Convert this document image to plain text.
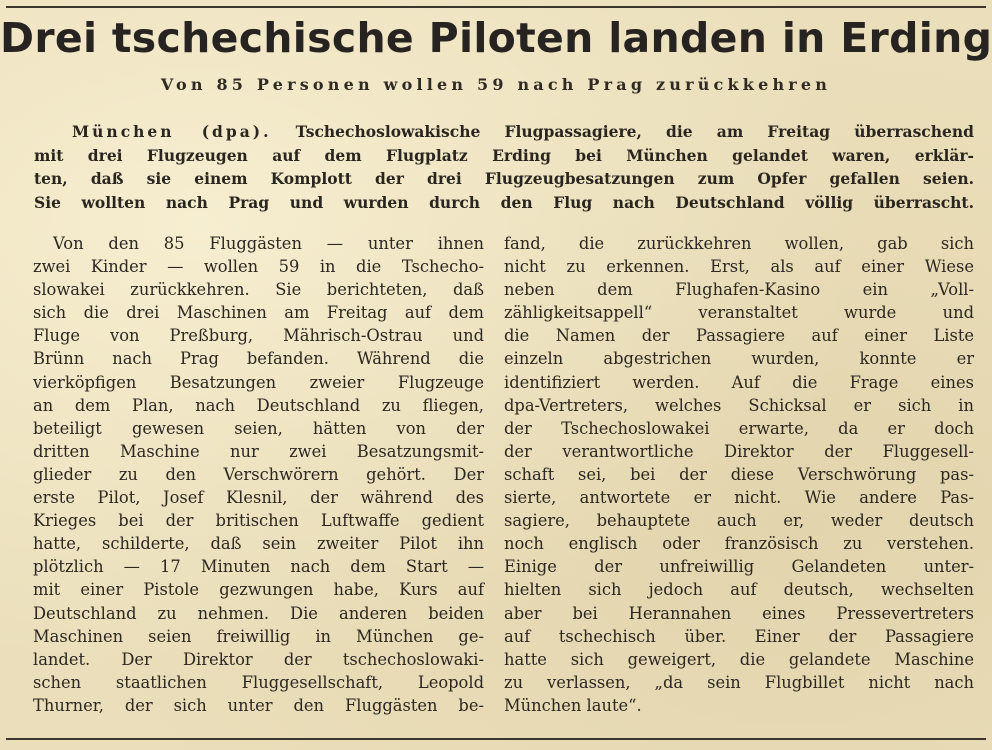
Drei tschechische Piloten landen in Erding
Von 85 Personen wollen 59 nach Prag zurückkehren
München (dpa). Tschechoslowakische Flugpassagiere, die am Freitag überraschend
mit drei Flugzeugen auf dem Flugplatz Erding bei München gelandet waren, erklär-
ten, daß sie einem Komplott der drei Flugzeugbesatzungen zum Opfer gefallen seien.
Sie wollten nach Prag und wurden durch den Flug nach Deutschland völlig überrascht.
Von den 85 Fluggästen — unter ihnen
zwei Kinder — wollen 59 in die Tschecho-
slowakei zurückkehren. Sie berichteten, daß
sich die drei Maschinen am Freitag auf dem
Fluge von Preßburg, Mährisch-Ostrau und
Brünn nach Prag befanden. Während die
vierköpfigen Besatzungen zweier Flugzeuge
an dem Plan, nach Deutschland zu fliegen,
beteiligt gewesen seien, hätten von der
dritten Maschine nur zwei Besatzungsmit-
glieder zu den Verschwörern gehört. Der
erste Pilot, Josef Klesnil, der während des
Krieges bei der britischen Luftwaffe gedient
hatte, schilderte, daß sein zweiter Pilot ihn
plötzlich — 17 Minuten nach dem Start —
mit einer Pistole gezwungen habe, Kurs auf
Deutschland zu nehmen. Die anderen beiden
Maschinen seien freiwillig in München ge-
landet. Der Direktor der tschechoslowaki-
schen staatlichen Fluggesellschaft, Leopold
Thurner, der sich unter den Fluggästen be-
fand, die zurückkehren wollen, gab sich
nicht zu erkennen. Erst, als auf einer Wiese
neben dem Flughafen-Kasino ein „Voll-
zähligkeitsappell“ veranstaltet wurde und
die Namen der Passagiere auf einer Liste
einzeln abgestrichen wurden, konnte er
identifiziert werden. Auf die Frage eines
dpa-Vertreters, welches Schicksal er sich in
der Tschechoslowakei erwarte, da er doch
der verantwortliche Direktor der Fluggesell-
schaft sei, bei der diese Verschwörung pas-
sierte, antwortete er nicht. Wie andere Pas-
sagiere, behauptete auch er, weder deutsch
noch englisch oder französisch zu verstehen.
Einige der unfreiwillig Gelandeten unter-
hielten sich jedoch auf deutsch, wechselten
aber bei Herannahen eines Pressevertreters
auf tschechisch über. Einer der Passagiere
hatte sich geweigert, die gelandete Maschine
zu verlassen, „da sein Flugbillet nicht nach
München laute“.
